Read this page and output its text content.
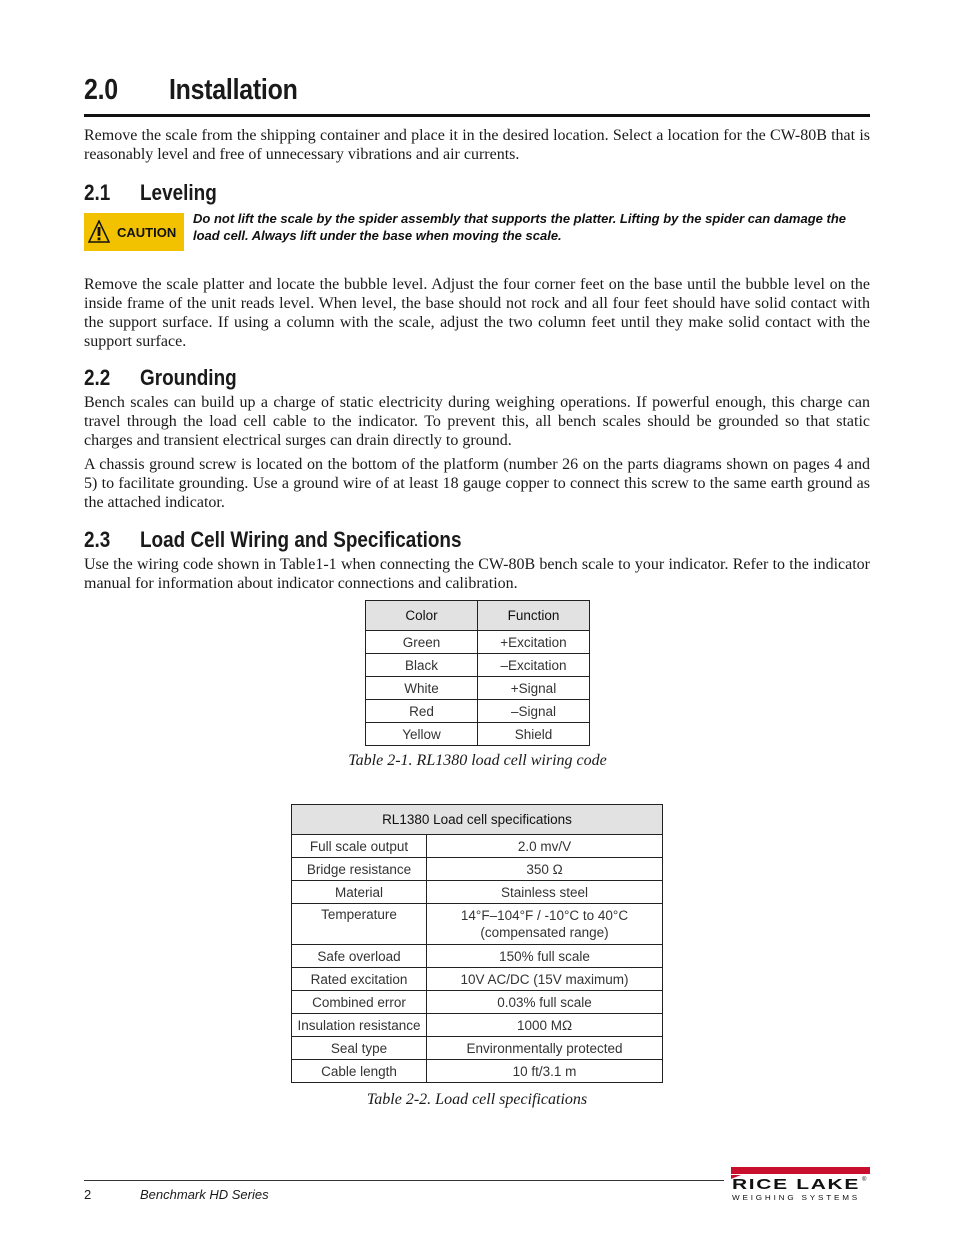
2.0 Installation
Remove the scale from the shipping container and place it in the desired location. Select a location for the CW-80B that is reasonably level and free of unnecessary vibrations and air currents.
2.1 Leveling
CAUTION
Do not lift the scale by the spider assembly that supports the platter. Lifting by the spider can damage the load cell. Always lift under the base when moving the scale.
Remove the scale platter and locate the bubble level. Adjust the four corner feet on the base until the bubble level on the inside frame of the unit reads level. When level, the base should not rock and all four feet should have solid contact with the support surface. If using a column with the scale, adjust the two column feet until they make solid contact with the support surface.
2.2 Grounding
Bench scales can build up a charge of static electricity during weighing operations. If powerful enough, this charge can travel through the load cell cable to the indicator. To prevent this, all bench scales should be grounded so that static charges and transient electrical surges can drain directly to ground.
A chassis ground screw is located on the bottom of the platform (number 26 on the parts diagrams shown on pages 4 and 5) to facilitate grounding. Use a ground wire of at least 18 gauge copper to connect this screw to the same earth ground as the attached indicator.
2.3 Load Cell Wiring and Specifications
Use the wiring code shown in Table1-1 when connecting the CW-80B bench scale to your indicator. Refer to the indicator manual for information about indicator connections and calibration.
Color	Function
Green	+Excitation
Black	–Excitation
White	+Signal
Red	–Signal
Yellow	Shield
Table 2-1. RL1380 load cell wiring code
RL1380 Load cell specifications	
Full scale output	2.0 mv/V
Bridge resistance	350 Ω
Material	Stainless steel
Temperature	14°F–104°F / -10°C to 40°C
(compensated range)

Safe overload	150% full scale
Rated excitation	10V AC/DC (15V maximum)
Combined error	0.03% full scale
Insulation resistance	1000 MΩ
Seal type	Environmentally protected
Cable length	10 ft/3.1 m
Table 2-2. Load cell specifications
2	Benchmark HD Series
RICE LAKE ®
WEIGHING SYSTEMS
